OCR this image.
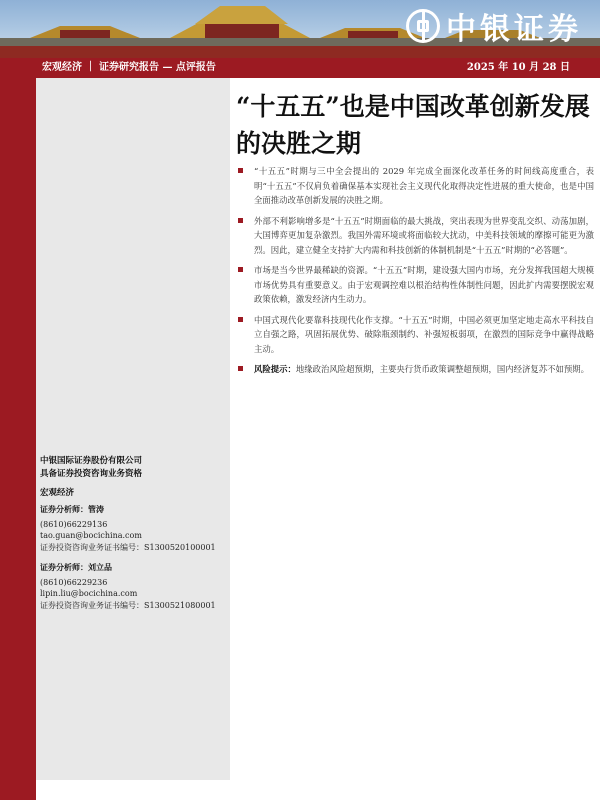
中银证券
宏观经济 ｜ 证券研究报告 — 点评报告	2025 年 10 月 28 日
“十五五”也是中国改革创新发展的决胜之期
“十五五”时期与三中全会提出的 2029 年完成全面深化改革任务的时间线高度重合，表明“十五五”不仅肩负着确保基本实现社会主义现代化取得决定性进展的重大使命，也是中国全面推动改革创新发展的决胜之期。
外部不利影响增多是“十五五”时期面临的最大挑战，突出表现为世界变乱交织、动荡加剧，大国博弈更加复杂激烈。我国外需环境或将面临较大扰动，中美科技领域的摩擦可能更为激烈。因此，建立健全支持扩大内需和科技创新的体制机制是“十五五”时期的“必答题”。
市场是当今世界最稀缺的资源。“十五五”时期，建设强大国内市场，充分发挥我国超大规模市场优势具有重要意义。由于宏观调控难以根治结构性体制性问题，因此扩内需要摆脱宏观政策依赖，激发经济内生动力。
中国式现代化要靠科技现代化作支撑。“十五五”时期，中国必须更加坚定地走高水平科技自立自强之路，巩固拓展优势、破除瓶颈制约、补强短板弱项，在激烈的国际竞争中赢得战略主动。
风险提示：地缘政治风险超预期，主要央行货币政策调整超预期，国内经济复苏不如预期。
中银国际证券股份有限公司
具备证券投资咨询业务资格
宏观经济
证券分析师：管涛
(8610)66229136
tao.guan@bocichina.com
证券投资咨询业务证书编号：S1300520100001
证券分析师：刘立品
(8610)66229236
lipin.liu@bocichina.com
证券投资咨询业务证书编号：S1300521080001
